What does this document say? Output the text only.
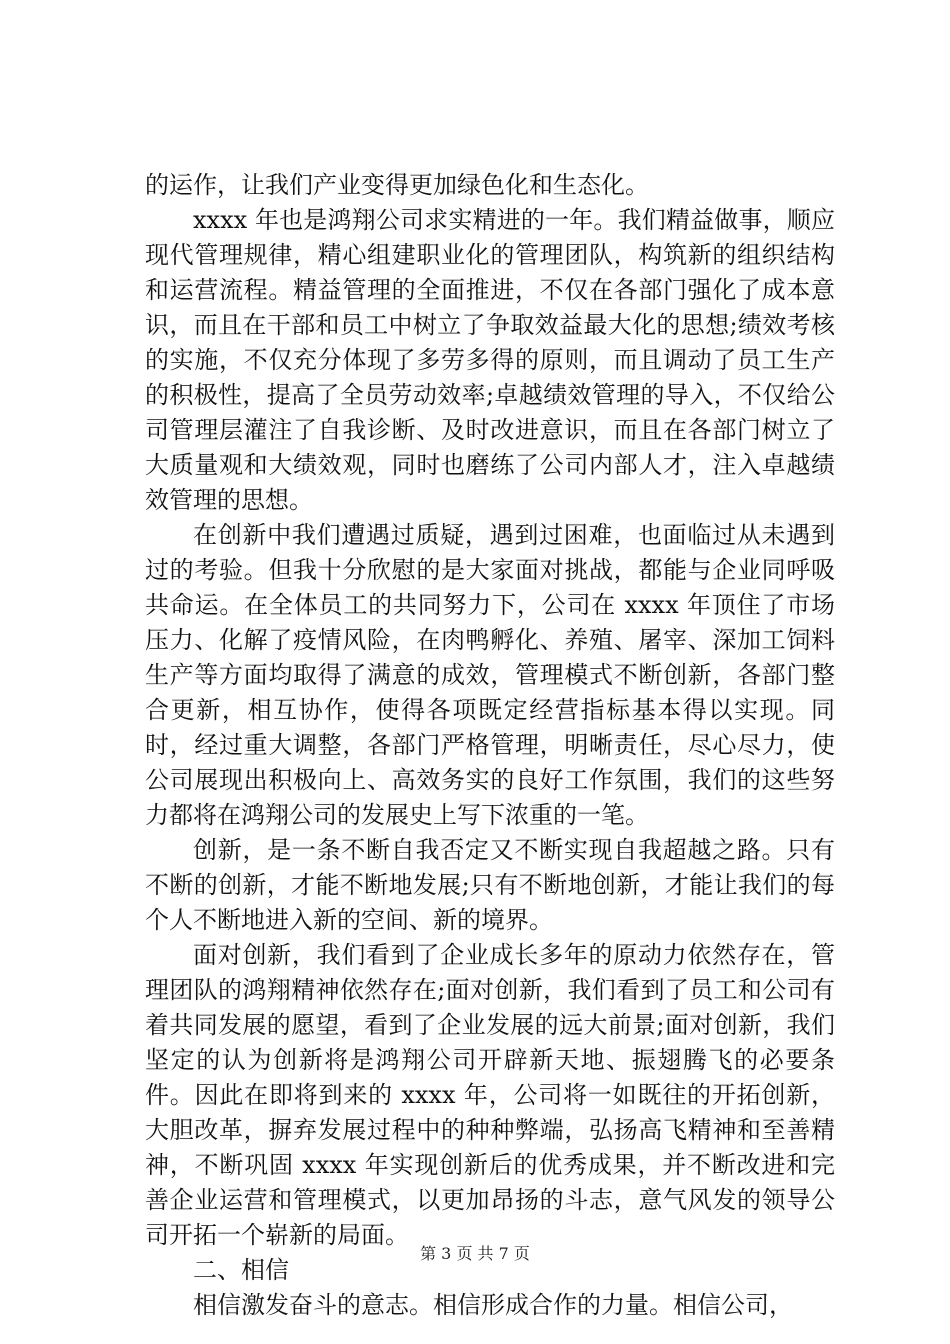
的运作，让我们产业变得更加绿色化和生态化。

xxxx 年也是鸿翔公司求实精进的一年。我们精益做事，顺应现代管理规律，精心组建职业化的管理团队，构筑新的组织结构和运营流程。精益管理的全面推进，不仅在各部门强化了成本意识，而且在干部和员工中树立了争取效益最大化的思想;绩效考核的实施，不仅充分体现了多劳多得的原则，而且调动了员工生产的积极性，提高了全员劳动效率;卓越绩效管理的导入，不仅给公司管理层灌注了自我诊断、及时改进意识，而且在各部门树立了大质量观和大绩效观，同时也磨练了公司内部人才，注入卓越绩效管理的思想。

在创新中我们遭遇过质疑，遇到过困难，也面临过从未遇到过的考验。但我十分欣慰的是大家面对挑战，都能与企业同呼吸共命运。在全体员工的共同努力下，公司在 xxxx 年顶住了市场压力、化解了疫情风险，在肉鸭孵化、养殖、屠宰、深加工饲料生产等方面均取得了满意的成效，管理模式不断创新，各部门整合更新，相互协作，使得各项既定经营指标基本得以实现。同时，经过重大调整，各部门严格管理，明晰责任，尽心尽力，使公司展现出积极向上、高效务实的良好工作氛围，我们的这些努力都将在鸿翔公司的发展史上写下浓重的一笔。

创新，是一条不断自我否定又不断实现自我超越之路。只有不断的创新，才能不断地发展;只有不断地创新，才能让我们的每个人不断地进入新的空间、新的境界。

面对创新，我们看到了企业成长多年的原动力依然存在，管理团队的鸿翔精神依然存在;面对创新，我们看到了员工和公司有着共同发展的愿望，看到了企业发展的远大前景;面对创新，我们坚定的认为创新将是鸿翔公司开辟新天地、振翅腾飞的必要条件。因此在即将到来的 xxxx 年，公司将一如既往的开拓创新，大胆改革，摒弃发展过程中的种种弊端，弘扬高飞精神和至善精神，不断巩固 xxxx 年实现创新后的优秀成果，并不断改进和完善企业运营和管理模式，以更加昂扬的斗志，意气风发的领导公司开拓一个崭新的局面。

二、相信

相信激发奋斗的意志。相信形成合作的力量。相信公司，

第 3 页 共 7 页
